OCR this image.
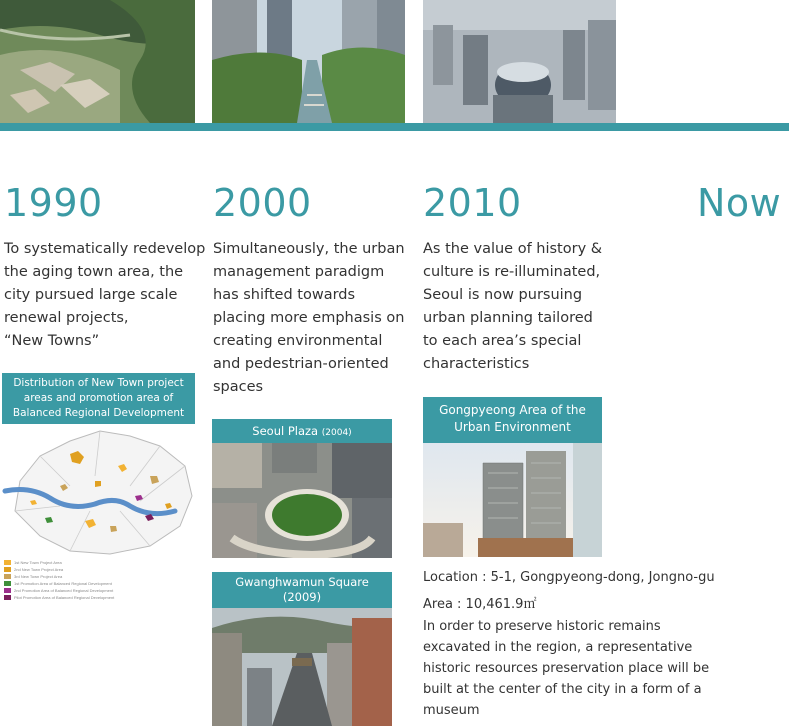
1990	2000	2010	Now
To systematically redevelop
the aging town area, the
city pursued large scale
renewal projects,
“New Towns”
Simultaneously, the urban
management paradigm
has shifted towards
placing more emphasis on
creating environmental
and pedestrian-oriented
spaces
As the value of history &
culture is re-illuminated,
Seoul is now pursuing
urban planning tailored
to each area’s special
characteristics
Distribution of New Town project
areas and promotion area of
Balanced Regional Development
1st New Town Project Area
2nd New Town Project Area
3rd New Town Project Area
1st Promotion Area of Balanced Regional Development
2nd Promotion Area of Balanced Regional Development
Pilot Promotion Area of Balanced Regional Development
Seoul Plaza (2004)
Gwanghwamun Square
(2009)
Gongpyeong Area of the
Urban Environment
Location : 5-1, Gongpyeong-dong, Jongno-gu
Area : 10,461.9㎡
In order to preserve historic remains
excavated in the region, a representative
historic resources preservation place will be
built at the center of the city in a form of a
museum
